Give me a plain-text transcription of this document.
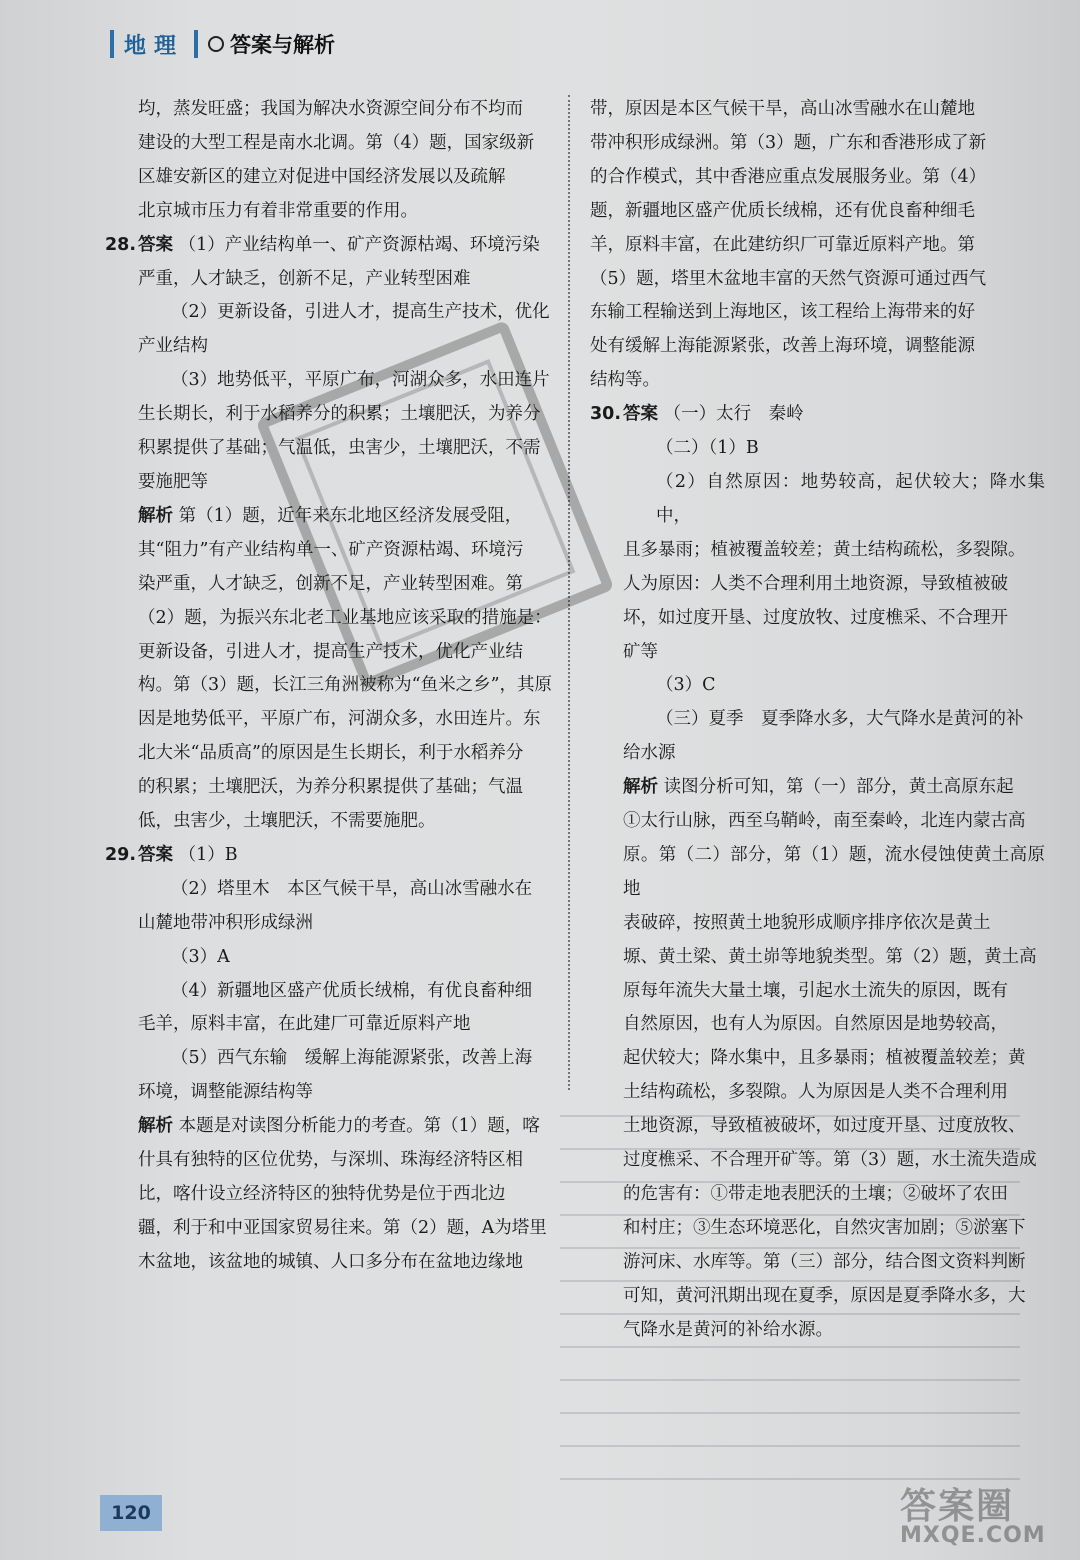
地理 答案与解析

均，蒸发旺盛；我国为解决水资源空间分布不均而

建设的大型工程是南水北调。第（4）题，国家级新

区雄安新区的建立对促进中国经济发展以及疏解

北京城市压力有着非常重要的作用。

28. 答案 （1）产业结构单一、矿产资源枯竭、环境污染

严重，人才缺乏，创新不足，产业转型困难

（2）更新设备，引进人才，提高生产技术，优化

产业结构

（3）地势低平，平原广布，河湖众多，水田连片

生长期长，利于水稻养分的积累；土壤肥沃，为养分

积累提供了基础；气温低，虫害少，土壤肥沃，不需

要施肥等

解析 第（1）题，近年来东北地区经济发展受阻，

其“阻力”有产业结构单一、矿产资源枯竭、环境污

染严重，人才缺乏，创新不足，产业转型困难。第

（2）题，为振兴东北老工业基地应该采取的措施是：

更新设备，引进人才，提高生产技术，优化产业结

构。第（3）题，长江三角洲被称为“鱼米之乡”，其原

因是地势低平，平原广布，河湖众多，水田连片。东

北大米“品质高”的原因是生长期长，利于水稻养分

的积累；土壤肥沃，为养分积累提供了基础；气温

低，虫害少，土壤肥沃，不需要施肥。

29. 答案 （1）B

（2）塔里木　本区气候干旱，高山冰雪融水在

山麓地带冲积形成绿洲

（3）A

（4）新疆地区盛产优质长绒棉，有优良畜种细

毛羊，原料丰富，在此建厂可靠近原料产地

（5）西气东输　缓解上海能源紧张，改善上海

环境，调整能源结构等

解析 本题是对读图分析能力的考查。第（1）题，喀

什具有独特的区位优势，与深圳、珠海经济特区相

比，喀什设立经济特区的独特优势是位于西北边

疆，利于和中亚国家贸易往来。第（2）题，A为塔里

木盆地，该盆地的城镇、人口多分布在盆地边缘地

带，原因是本区气候干旱，高山冰雪融水在山麓地

带冲积形成绿洲。第（3）题，广东和香港形成了新

的合作模式，其中香港应重点发展服务业。第（4）

题，新疆地区盛产优质长绒棉，还有优良畜种细毛

羊，原料丰富，在此建纺织厂可靠近原料产地。第

（5）题，塔里木盆地丰富的天然气资源可通过西气

东输工程输送到上海地区，该工程给上海带来的好

处有缓解上海能源紧张，改善上海环境，调整能源

结构等。

30. 答案 （一）太行　秦岭

（二）（1）B

（2）自然原因：地势较高，起伏较大；降水集中，

且多暴雨；植被覆盖较差；黄土结构疏松，多裂隙。

人为原因：人类不合理利用土地资源，导致植被破

坏，如过度开垦、过度放牧、过度樵采、不合理开

矿等

（3）C

（三）夏季　夏季降水多，大气降水是黄河的补

给水源

解析 读图分析可知，第（一）部分，黄土高原东起

①太行山脉，西至乌鞘岭，南至秦岭，北连内蒙古高

原。第（二）部分，第（1）题，流水侵蚀使黄土高原地

表破碎，按照黄土地貌形成顺序排序依次是黄土

塬、黄土梁、黄土峁等地貌类型。第（2）题，黄土高

原每年流失大量土壤，引起水土流失的原因，既有

自然原因，也有人为原因。自然原因是地势较高，

起伏较大；降水集中，且多暴雨；植被覆盖较差；黄

土结构疏松，多裂隙。人为原因是人类不合理利用

土地资源，导致植被破坏，如过度开垦、过度放牧、

过度樵采、不合理开矿等。第（3）题，水土流失造成

的危害有：①带走地表肥沃的土壤；②破坏了农田

和村庄；③生态环境恶化，自然灾害加剧；⑤淤塞下

游河床、水库等。第（三）部分，结合图文资料判断

可知，黄河汛期出现在夏季，原因是夏季降水多，大

气降水是黄河的补给水源。

120	答案圈
MXQE.COM
